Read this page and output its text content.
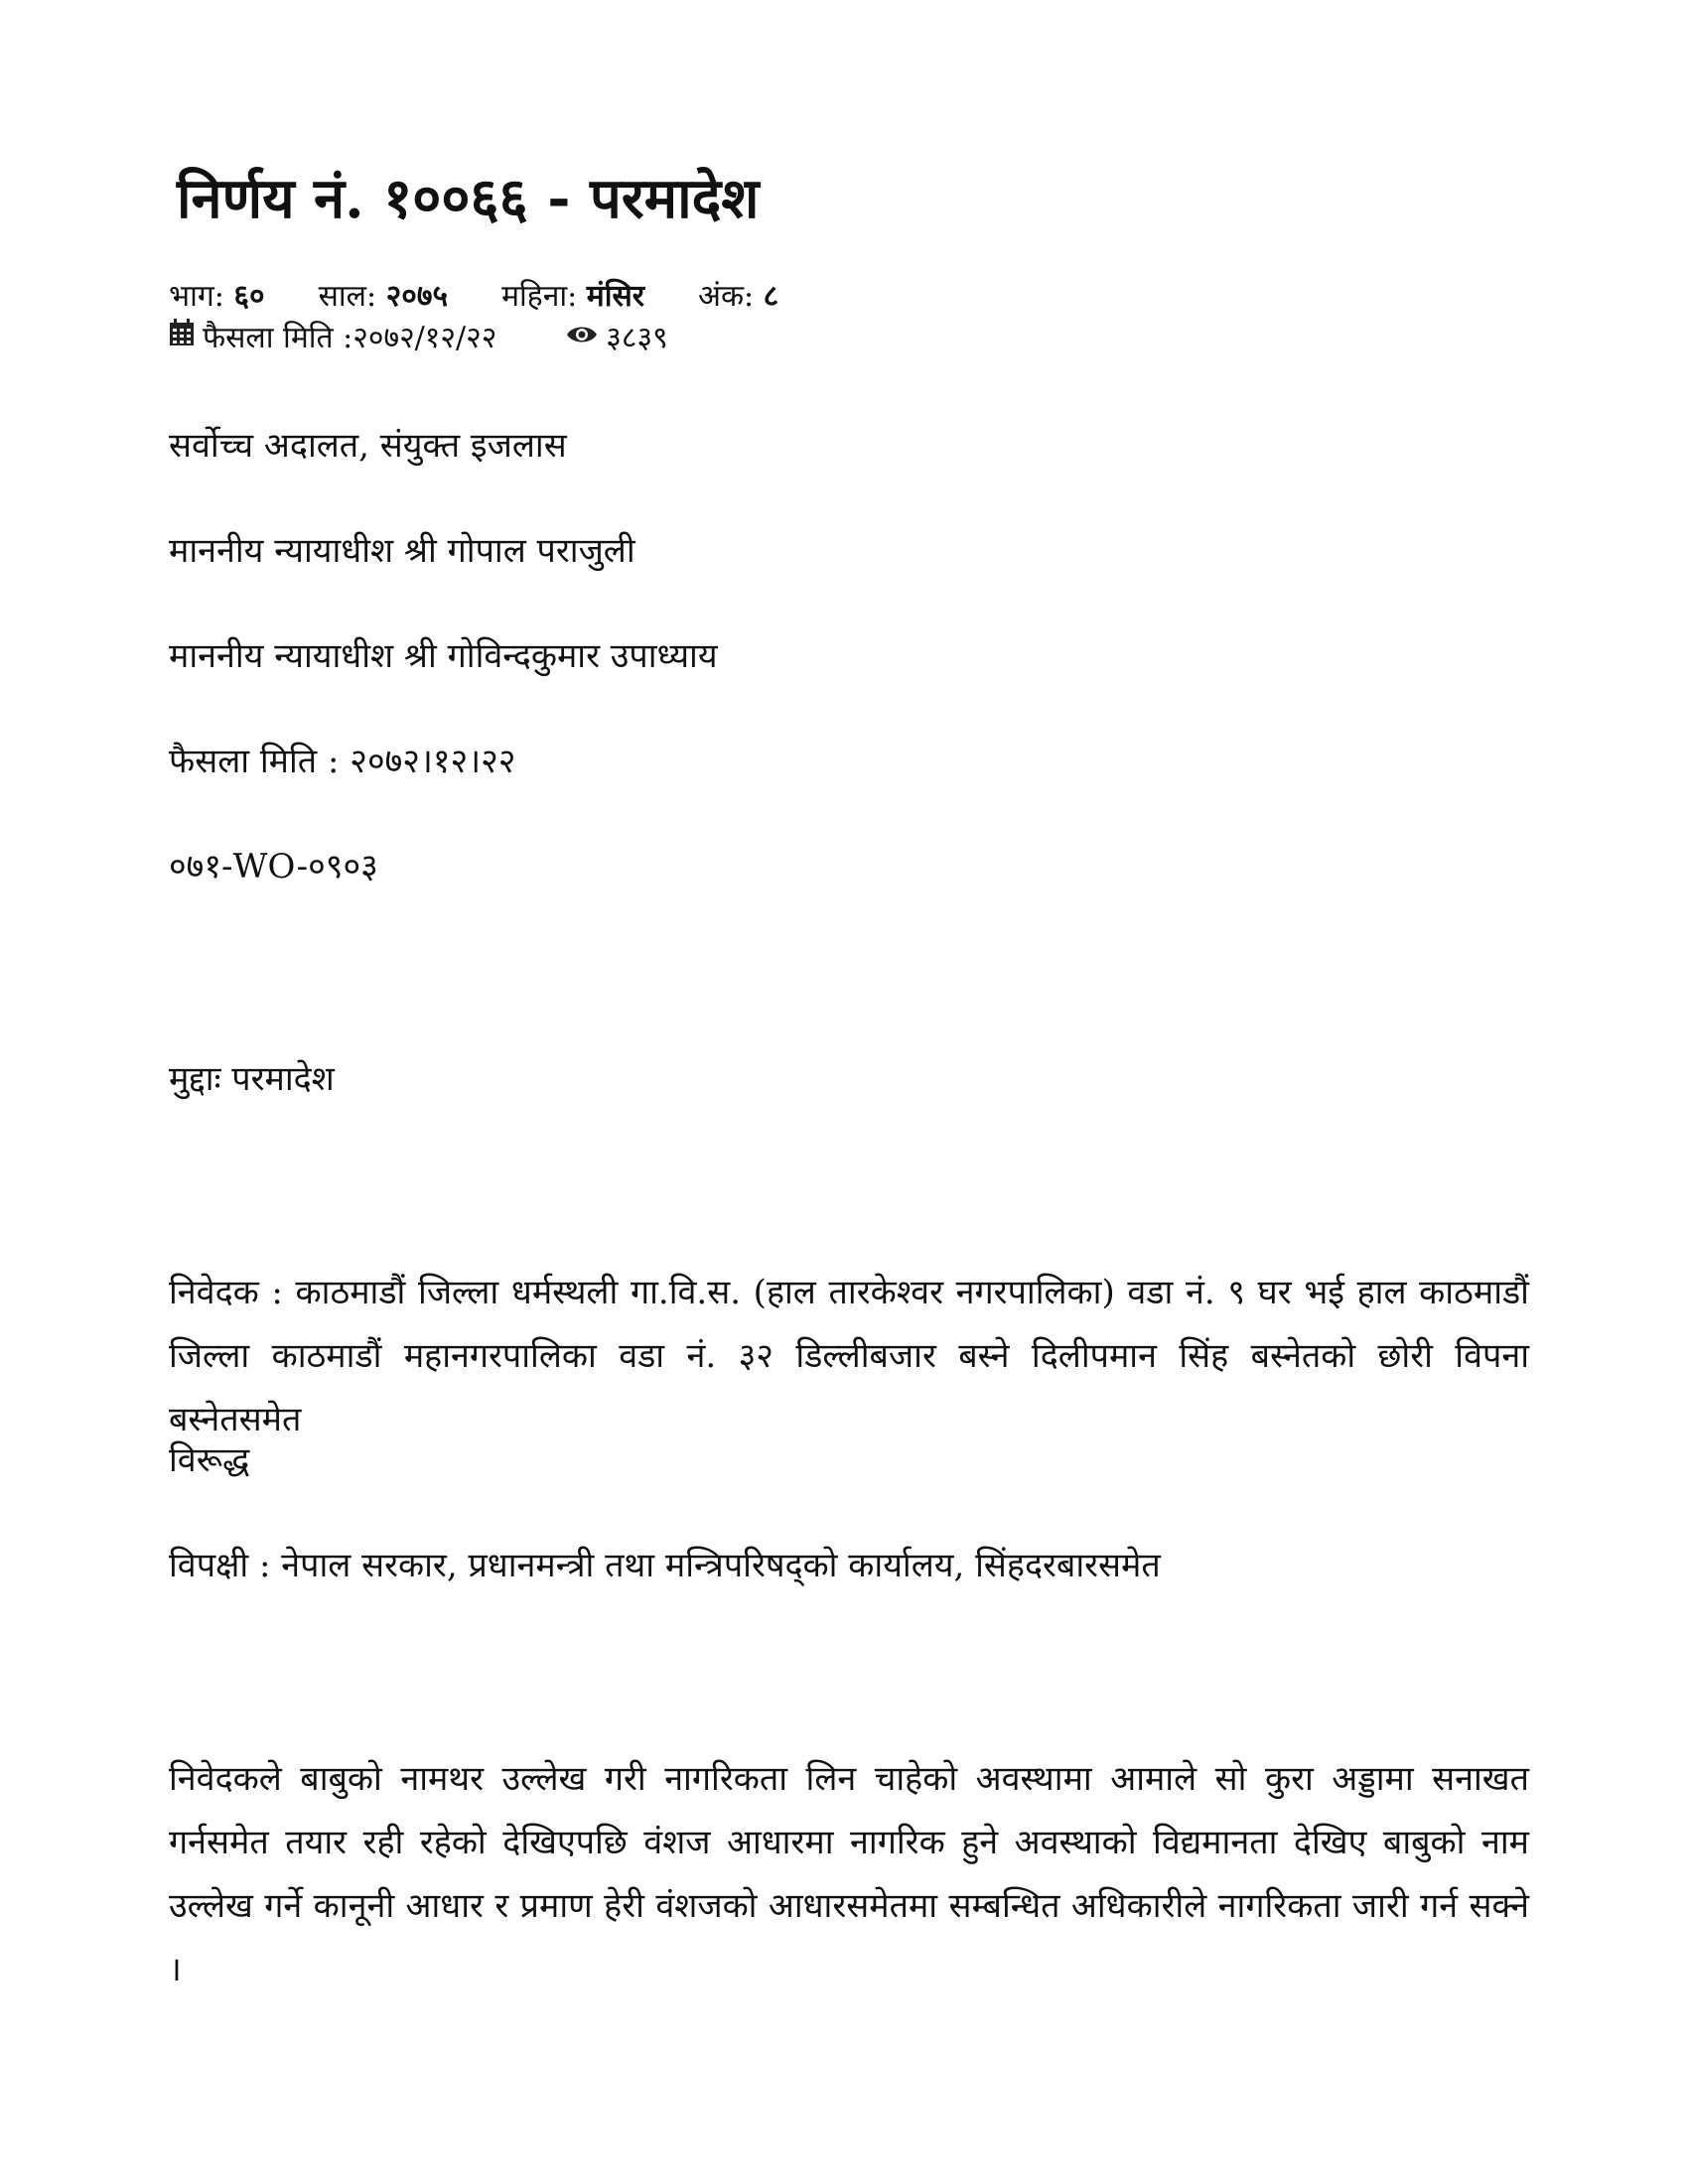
निर्णय नं. १००६६ - परमादेश
भाग: ६० साल: २०७५ महिना: मंसिर अंक: ८
फैसला मिति :२०७२/१२/२२	३८३९
सर्वोच्च अदालत, संयुक्त इजलास
माननीय न्यायाधीश श्री गोपाल पराजुली
माननीय न्यायाधीश श्री गोविन्दकुमार उपाध्याय
फैसला मिति : २०७२।१२।२२
०७१-WO-०९०३
मुद्दाः परमादेश
निवेदक : काठमाडौं जिल्ला धर्मस्थली गा.वि.स. (हाल तारकेश्वर नगरपालिका) वडा नं. ९ घर भई हाल काठमाडौं जिल्ला काठमाडौं महानगरपालिका वडा नं. ३२ डिल्लीबजार बस्ने दिलीपमान सिंह बस्नेतको छोरी विपना बस्नेतसमेत
विरूद्ध
विपक्षी : नेपाल सरकार, प्रधानमन्त्री तथा मन्त्रिपरिषद्को कार्यालय, सिंहदरबारसमेत
निवेदकले बाबुको नामथर उल्लेख गरी नागरिकता लिन चाहेको अवस्थामा आमाले सो कुरा अड्डामा सनाखत गर्नसमेत तयार रही रहेको देखिएपछि वंशज आधारमा नागरिक हुने अवस्थाको विद्यमानता देखिए बाबुको नाम उल्लेख गर्ने कानूनी आधार र प्रमाण हेरी वंशजको आधारसमेतमा सम्बन्धित अधिकारीले नागरिकता जारी गर्न सक्ने ।
